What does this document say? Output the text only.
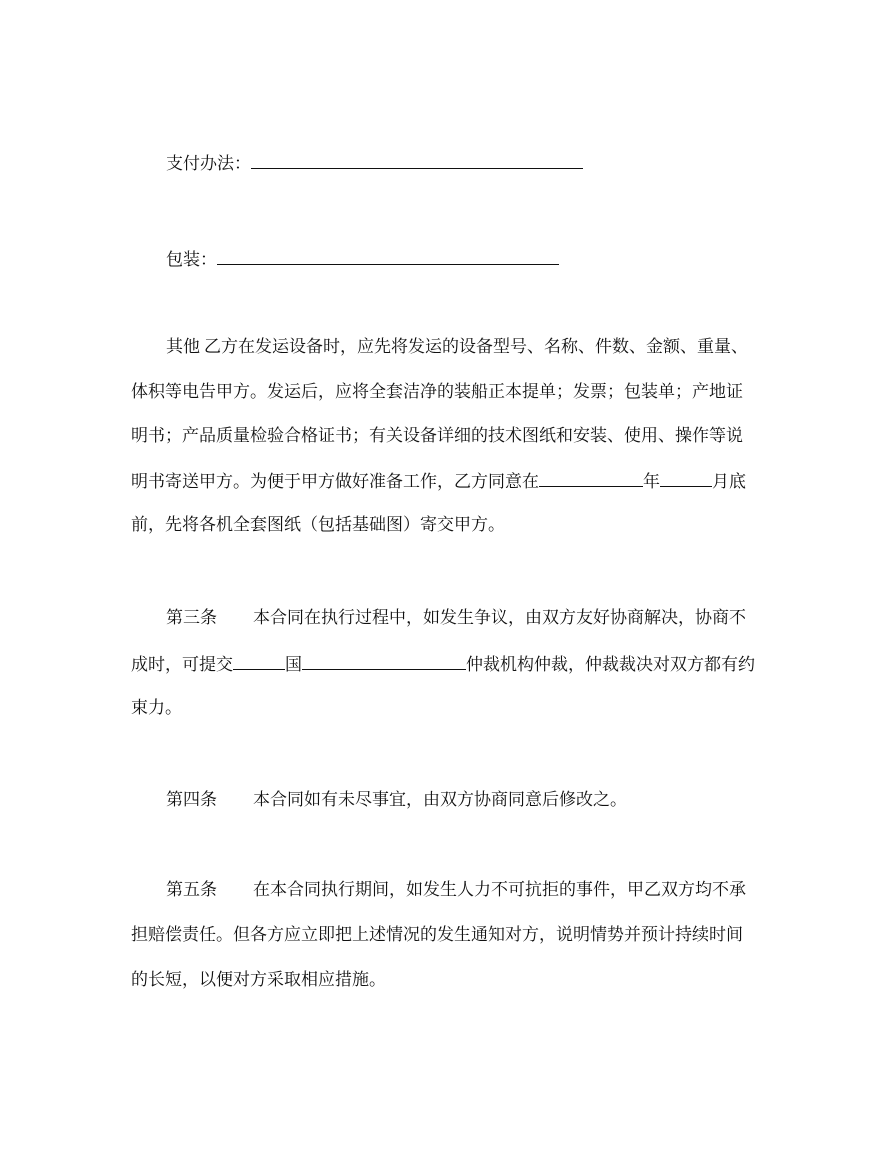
支付办法：
包装：
其他 乙方在发运设备时，应先将发运的设备型号、名称、件数、金额、重量、
体积等电告甲方。发运后，应将全套洁净的装船正本提单；发票；包装单；产地证
明书；产品质量检验合格证书；有关设备详细的技术图纸和安装、使用、操作等说
明书寄送甲方。为便于甲方做好准备工作，乙方同意在	年	月底
前，先将各机全套图纸（包括基础图）寄交甲方。
第三条 本合同在执行过程中，如发生争议，由双方友好协商解决，协商不
成时，可提交	国	仲裁机构仲裁，仲裁裁决对双方都有约
束力。
第四条 本合同如有未尽事宜，由双方协商同意后修改之。
第五条 在本合同执行期间，如发生人力不可抗拒的事件，甲乙双方均不承
担赔偿责任。但各方应立即把上述情况的发生通知对方，说明情势并预计持续时间
的长短，以便对方采取相应措施。
